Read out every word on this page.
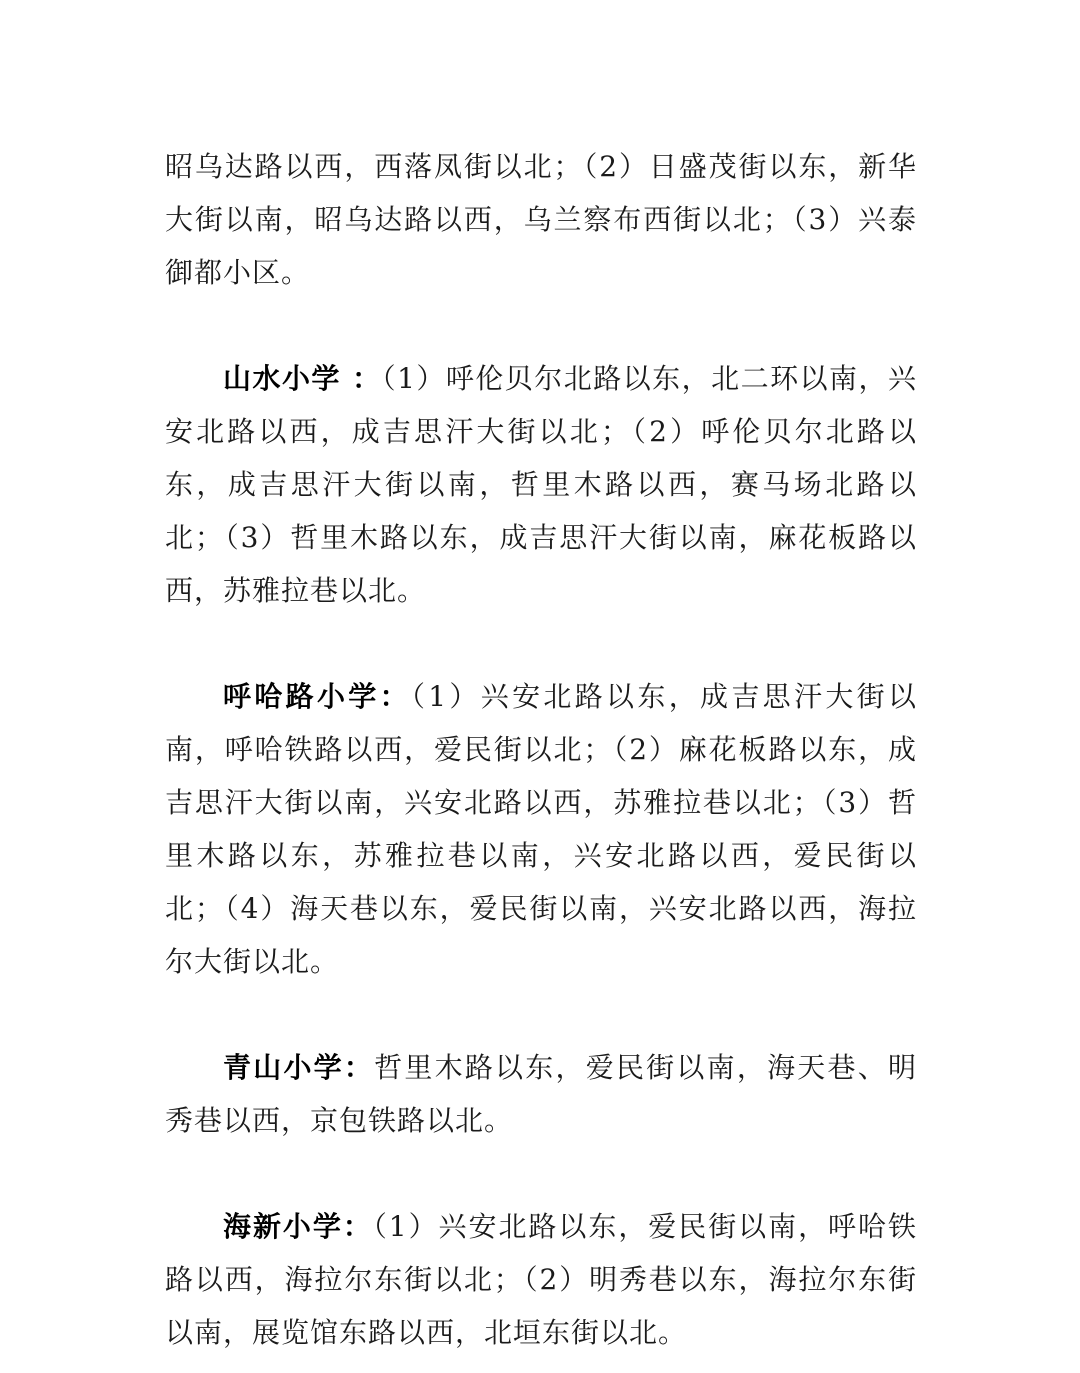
昭乌达路以西，西落凤街以北；（2）日盛茂街以东，新华大街以南，昭乌达路以西，乌兰察布西街以北；（3）兴泰御都小区。

山水小学 ：（1）呼伦贝尔北路以东，北二环以南，兴安北路以西，成吉思汗大街以北；（2）呼伦贝尔北路以东，成吉思汗大街以南，哲里木路以西，赛马场北路以北；（3）哲里木路以东，成吉思汗大街以南，麻花板路以西，苏雅拉巷以北。

呼哈路小学：（1）兴安北路以东，成吉思汗大街以南，呼哈铁路以西，爱民街以北；（2）麻花板路以东，成吉思汗大街以南，兴安北路以西，苏雅拉巷以北；（3）哲里木路以东，苏雅拉巷以南，兴安北路以西，爱民街以北；（4）海天巷以东，爱民街以南，兴安北路以西，海拉尔大街以北。

青山小学：哲里木路以东，爱民街以南，海天巷、明秀巷以西，京包铁路以北。

海新小学：（1）兴安北路以东，爱民街以南，呼哈铁路以西，海拉尔东街以北；（2）明秀巷以东，海拉尔东街以南，展览馆东路以西，北垣东街以北。
